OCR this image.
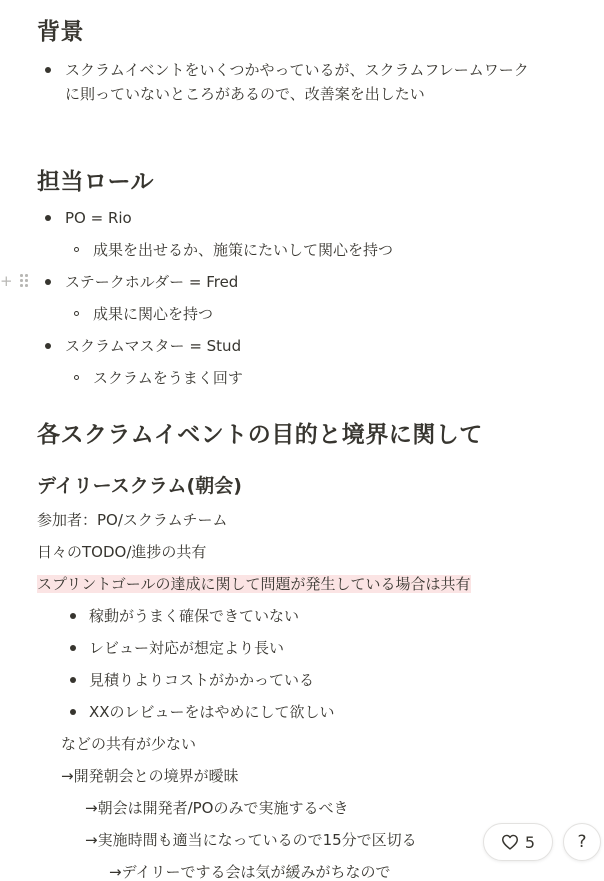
背景
スクラムイベントをいくつかやっているが、スクラムフレームワーク
に則っていないところがあるので、改善案を出したい
担当ロール
PO = Rio
成果を出せるか、施策にたいして関心を持つ
+	ステークホルダー = Fred
成果に関心を持つ
スクラムマスター = Stud
スクラムをうまく回す
各スクラムイベントの目的と境界に関して
デイリースクラム(朝会)
参加者：PO/スクラムチーム
日々のTODO/進捗の共有
スプリントゴールの達成に関して問題が発生している場合は共有
稼動がうまく確保できていない
レビュー対応が想定より長い
見積りよりコストがかかっている
XXのレビューをはやめにして欲しい
などの共有が少ない
→開発朝会との境界が曖昧
→朝会は開発者/POのみで実施するべき
→実施時間も適当になっているので15分で区切る
→デイリーでする会は気が緩みがちなので
5	?
